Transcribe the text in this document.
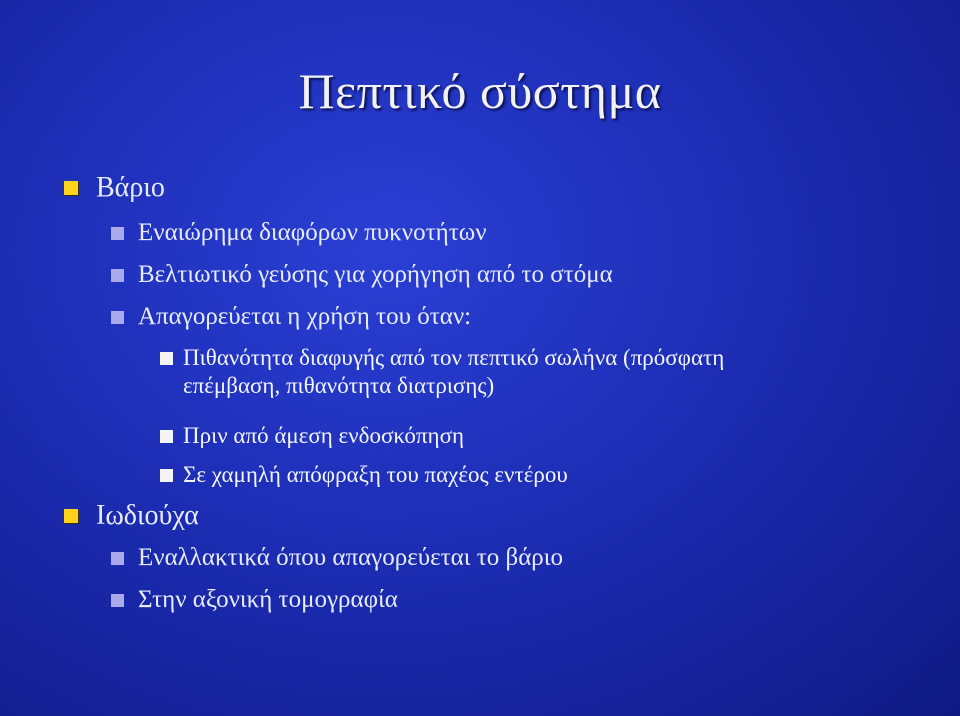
Πεπτικό σύστημα
Βάριο
Εναιώρημα διαφόρων πυκνοτήτων
Βελτιωτικό γεύσης για χορήγηση από το στόμα
Απαγορεύεται η χρήση του όταν:
Πιθανότητα διαφυγής από τον πεπτικό σωλήνα (πρόσφατη
επέμβαση, πιθανότητα διατρισης)
Πριν από άμεση ενδοσκόπηση
Σε χαμηλή απόφραξη του παχέος εντέρου
Ιωδιούχα
Εναλλακτικά όπου απαγορεύεται το βάριο
Στην αξονική τομογραφία
